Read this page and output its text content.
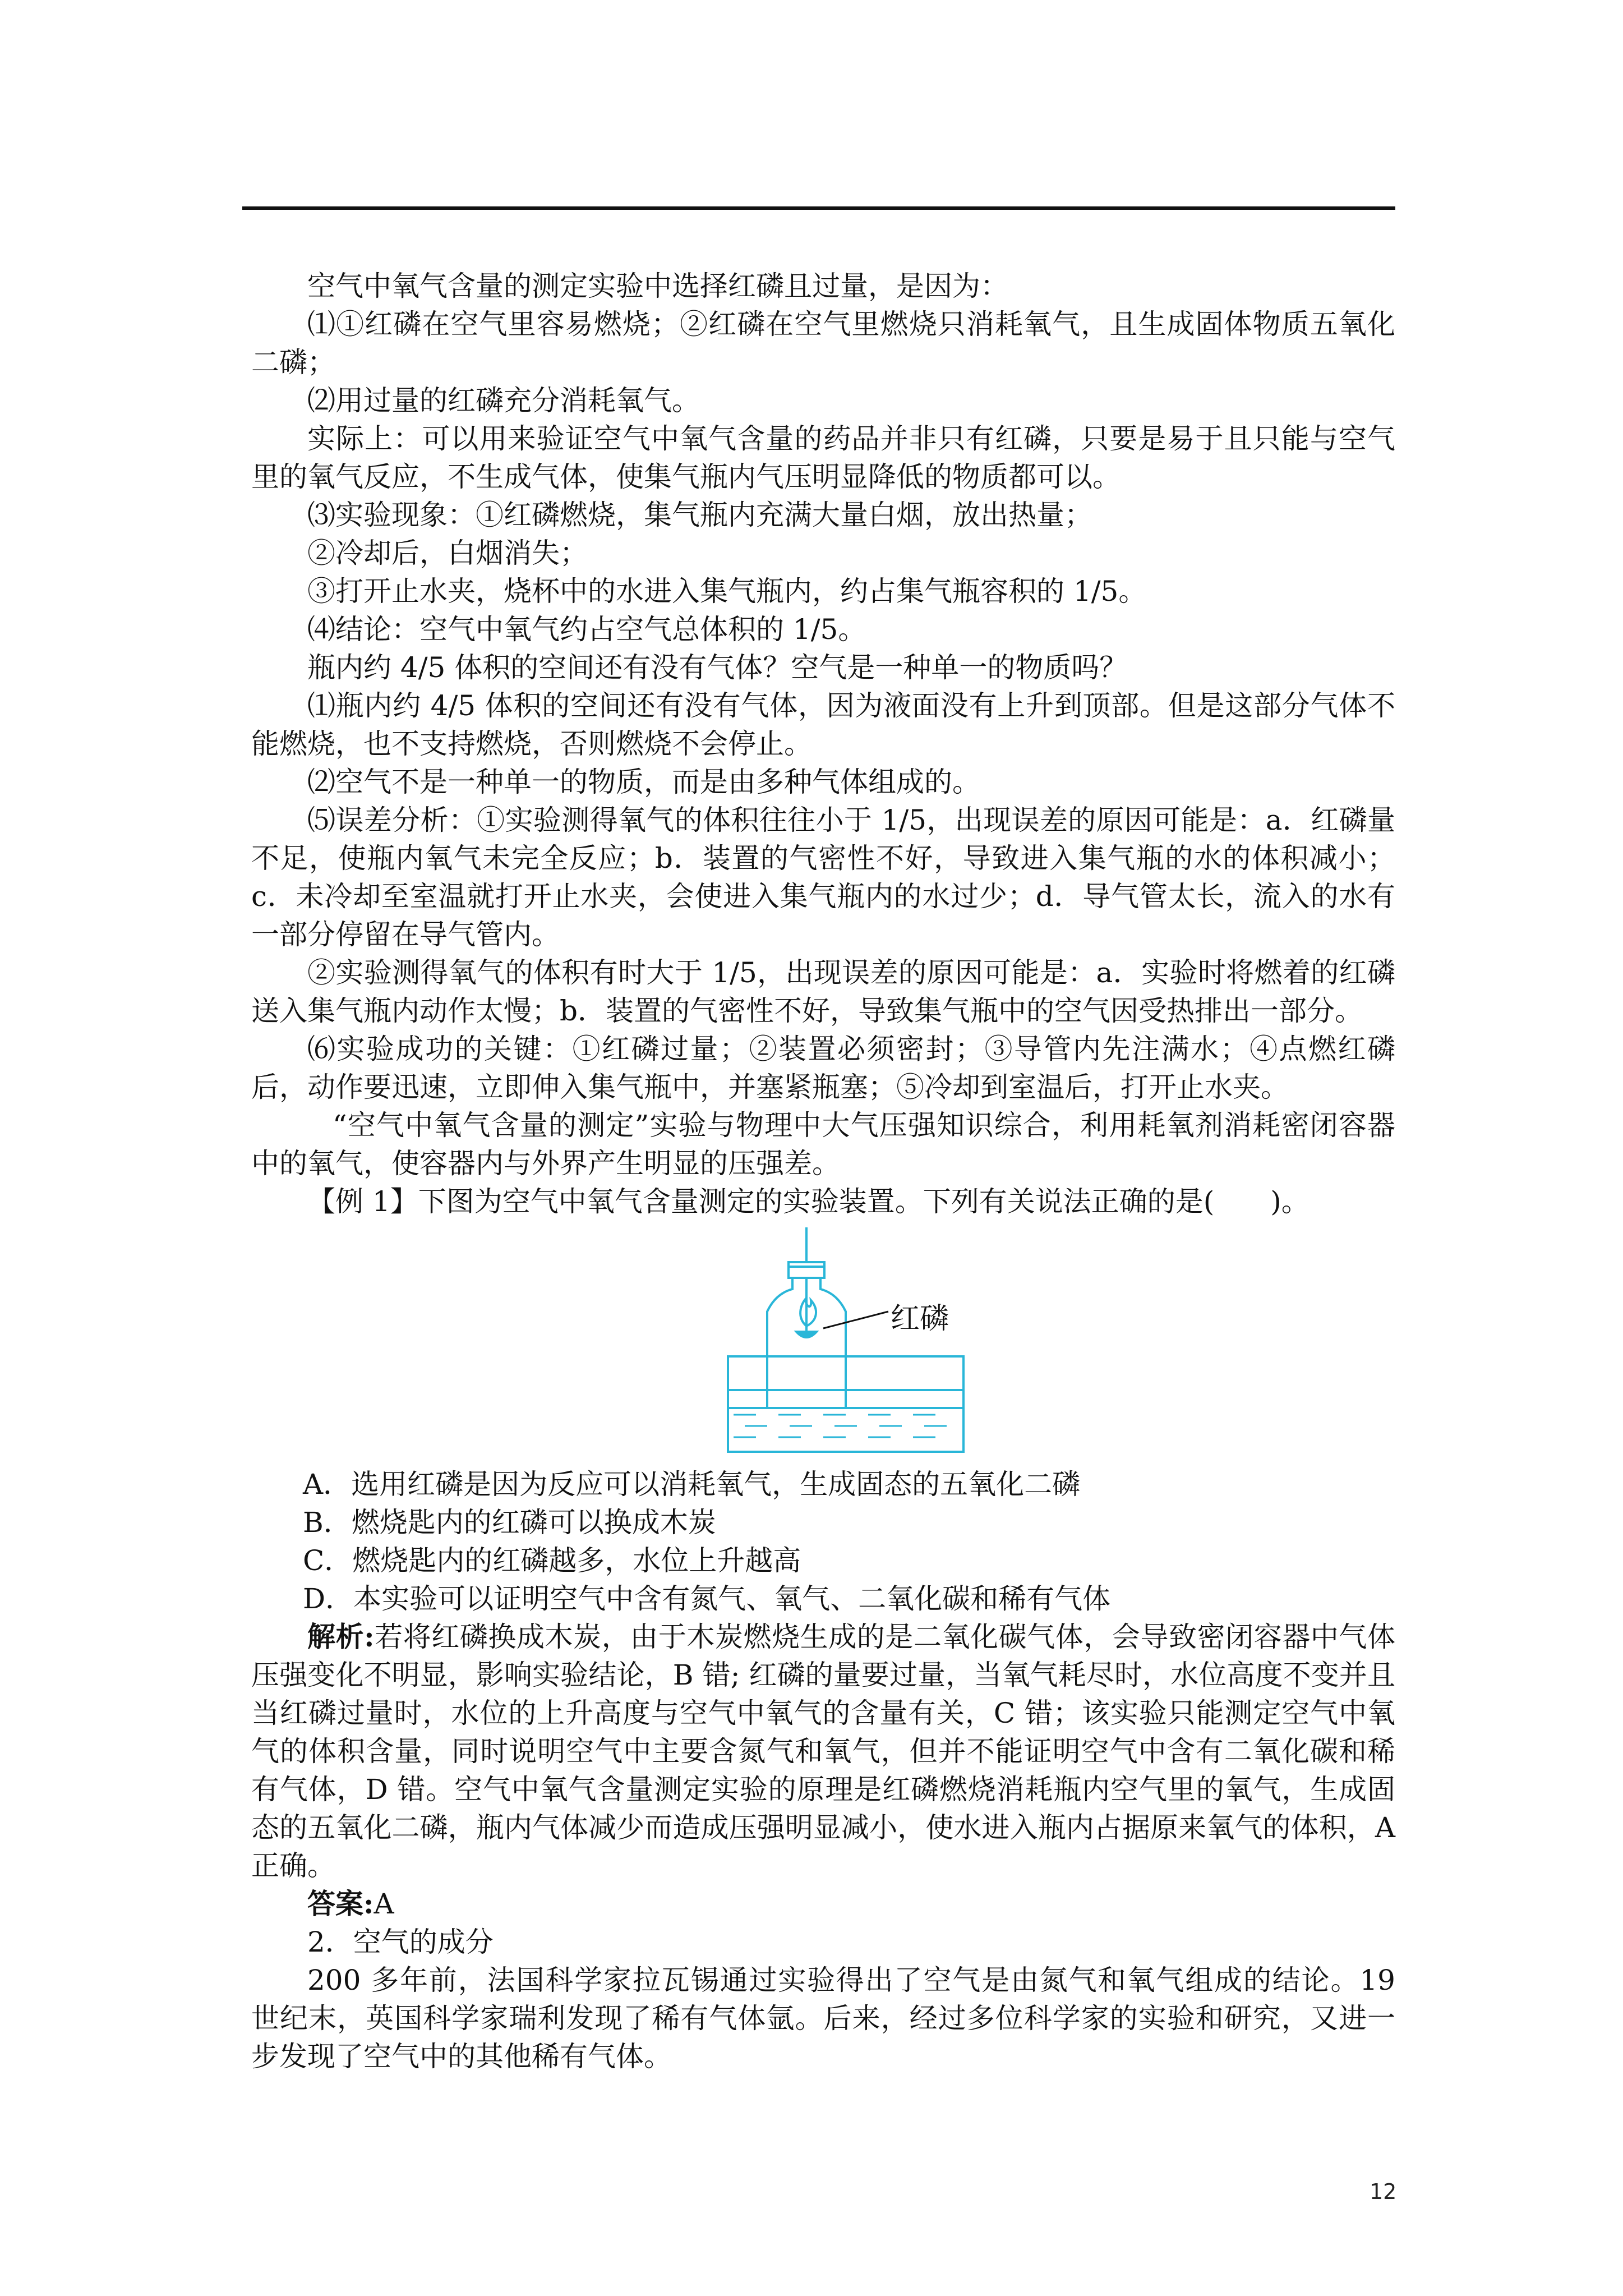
空气中氧气含量的测定实验中选择红磷且过量，是因为：

⑴①红磷在空气里容易燃烧；②红磷在空气里燃烧只消耗氧气，且生成固体物质五氧化二磷；

⑵用过量的红磷充分消耗氧气。

实际上：可以用来验证空气中氧气含量的药品并非只有红磷，只要是易于且只能与空气里的氧气反应，不生成气体，使集气瓶内气压明显降低的物质都可以。

⑶实验现象：①红磷燃烧，集气瓶内充满大量白烟，放出热量；

②冷却后，白烟消失；

③打开止水夹，烧杯中的水进入集气瓶内，约占集气瓶容积的 1/5。

⑷结论：空气中氧气约占空气总体积的 1/5。

瓶内约 4/5 体积的空间还有没有气体？空气是一种单一的物质吗？

⑴瓶内约 4/5 体积的空间还有没有气体，因为液面没有上升到顶部。但是这部分气体不能燃烧，也不支持燃烧，否则燃烧不会停止。

⑵空气不是一种单一的物质，而是由多种气体组成的。

⑸误差分析：①实验测得氧气的体积往往小于 1/5，出现误差的原因可能是：a．红磷量不足，使瓶内氧气未完全反应；b．装置的气密性不好，导致进入集气瓶的水的体积减小；c．未冷却至室温就打开止水夹，会使进入集气瓶内的水过少；d．导气管太长，流入的水有一部分停留在导气管内。

②实验测得氧气的体积有时大于 1/5，出现误差的原因可能是：a．实验时将燃着的红磷送入集气瓶内动作太慢；b．装置的气密性不好，导致集气瓶中的空气因受热排出一部分。

⑹实验成功的关键：①红磷过量；②装置必须密封；③导管内先注满水；④点燃红磷后，动作要迅速，立即伸入集气瓶中，并塞紧瓶塞；⑤冷却到室温后，打开止水夹。

“空气中氧气含量的测定”实验与物理中大气压强知识综合，利用耗氧剂消耗密闭容器中的氧气，使容器内与外界产生明显的压强差。

【例 1】下图为空气中氧气含量测定的实验装置。下列有关说法正确的是(　　)。

红磷

A．选用红磷是因为反应可以消耗氧气，生成固态的五氧化二磷

B．燃烧匙内的红磷可以换成木炭

C．燃烧匙内的红磷越多，水位上升越高

D．本实验可以证明空气中含有氮气、氧气、二氧化碳和稀有气体

解析:若将红磷换成木炭，由于木炭燃烧生成的是二氧化碳气体，会导致密闭容器中气体压强变化不明显，影响实验结论，B 错; 红磷的量要过量，当氧气耗尽时，水位高度不变并且当红磷过量时，水位的上升高度与空气中氧气的含量有关，C 错；该实验只能测定空气中氧气的体积含量，同时说明空气中主要含氮气和氧气，但并不能证明空气中含有二氧化碳和稀有气体，D 错。空气中氧气含量测定实验的原理是红磷燃烧消耗瓶内空气里的氧气，生成固态的五氧化二磷，瓶内气体减少而造成压强明显减小，使水进入瓶内占据原来氧气的体积，A 正确。

答案:A

2．空气的成分

200 多年前，法国科学家拉瓦锡通过实验得出了空气是由氮气和氧气组成的结论。19 世纪末，英国科学家瑞利发现了稀有气体氩。后来，经过多位科学家的实验和研究，又进一步发现了空气中的其他稀有气体。

12
